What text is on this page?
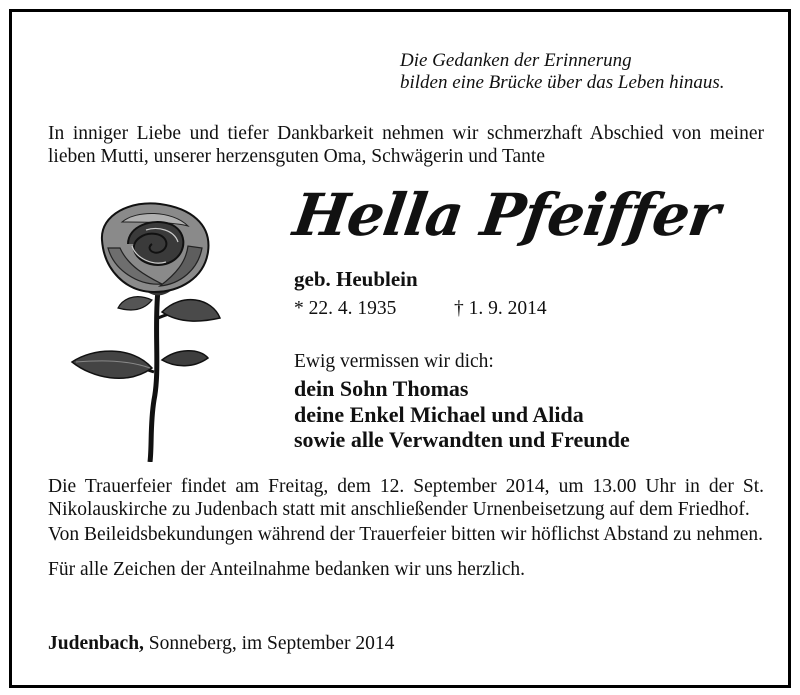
Die Gedanken der Erinnerung
bilden eine Brücke über das Leben hinaus.
In inniger Liebe und tiefer Dankbarkeit nehmen wir schmerzhaft Abschied von meiner lieben Mutti, unserer herzensguten Oma, Schwägerin und Tante
Hella Pfeiffer
geb. Heublein
* 22. 4. 1935	† 1. 9. 2014
Ewig vermissen wir dich:
dein Sohn Thomas
deine Enkel Michael und Alida
sowie alle Verwandten und Freunde

Die Trauerfeier findet am Freitag, dem 12. September 2014, um 13.00 Uhr in der St. Nikolauskirche zu Judenbach statt mit anschließender Urnenbeisetzung auf dem Friedhof.

Von Beileidsbekundungen während der Trauerfeier bitten wir höflichst Abstand zu nehmen.

Für alle Zeichen der Anteilnahme bedanken wir uns herzlich.

Judenbach, Sonneberg, im September 2014
